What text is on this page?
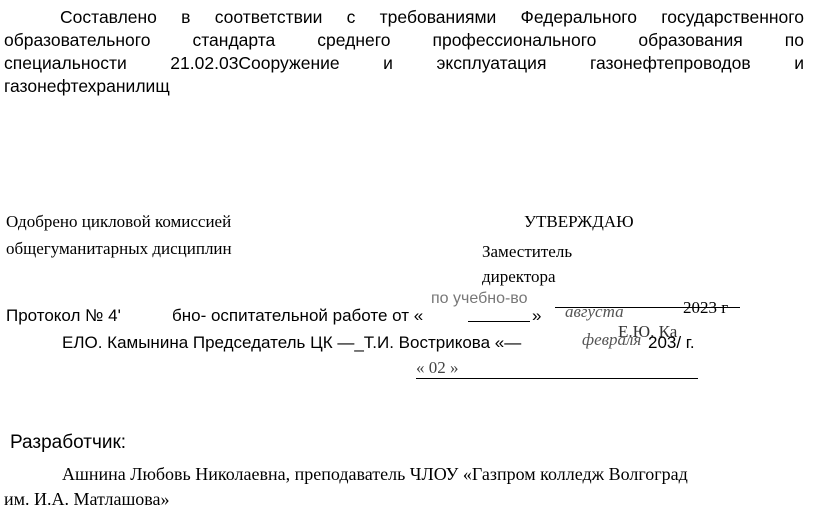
Составлено в соответствии с требованиями Федерального государственного
образовательного стандарта среднего профессионального образования по
специальности 21.02.03Сооружение и эксплуатация газонефтепроводов и
газонефтехранилищ
Одобрено цикловой комиссией
общегуманитарных дисциплин
УТВЕРЖДАЮ
Заместитель
директора
по учебно-во	2023 г
Е.Ю. Ка
Протокол № 4'	бно- оспитательной работе от «	» августа
ЕЛО. Камынина Председатель ЦК —_Т.И. Вострикова «—	февраля 203/ г.
« 02 »
Разработчик:
Ашнина Любовь Николаевна, преподаватель ЧЛОУ «Газпром колледж Волгоград
им. И.А. Матлашова»
